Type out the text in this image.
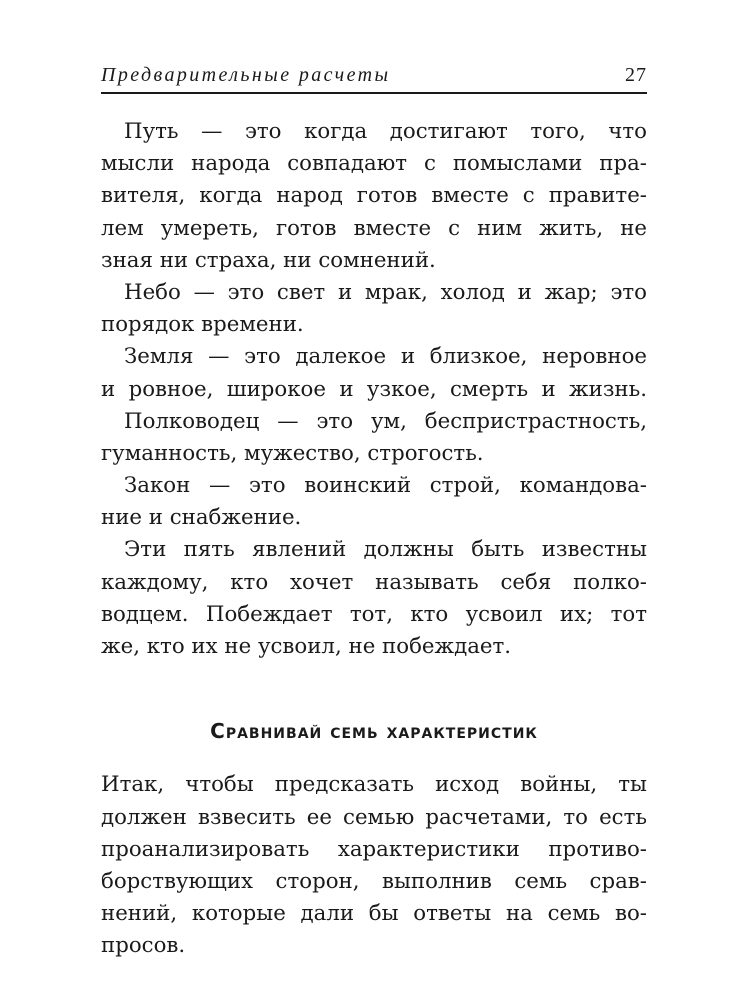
Предварительные расчеты	27
Путь — это когда достигают того, что
мысли народа совпадают с помыслами пра-
вителя, когда народ готов вместе с правите-
лем умереть, готов вместе с ним жить, не
зная ни страха, ни сомнений.
Небо — это свет и мрак, холод и жар; это
порядок времени.
Земля — это далекое и близкое, неровное
и ровное, широкое и узкое, смерть и жизнь.
Полководец — это ум, беспристрастность,
гуманность, мужество, строгость.
Закон — это воинский строй, командова-
ние и снабжение.
Эти пять явлений должны быть известны
каждому, кто хочет называть себя полко-
водцем. Побеждает тот, кто усвоил их; тот
же, кто их не усвоил, не побеждает.
Сравнивай семь характеристик
Итак, чтобы предсказать исход войны, ты
должен взвесить ее семью расчетами, то есть
проанализировать характеристики противо-
борствующих сторон, выполнив семь срав-
нений, которые дали бы ответы на семь во-
просов.
